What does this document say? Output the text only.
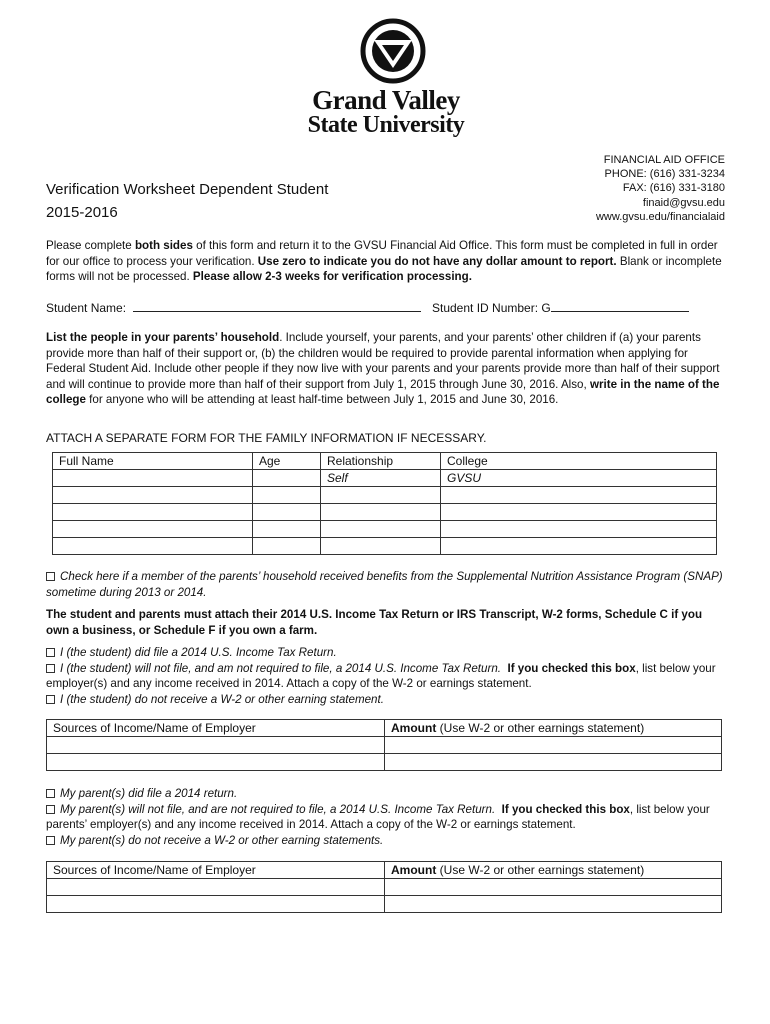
Grand Valley
State University
FINANCIAL AID OFFICE
PHONE: (616) 331-3234
FAX: (616) 331-3180
finaid@gvsu.edu
www.gvsu.edu/financialaid
Verification Worksheet Dependent Student
2015-2016
Please complete both sides of this form and return it to the GVSU Financial Aid Office. This form must be completed in full in order for our office to process your verification. Use zero to indicate you do not have any dollar amount to report. Blank or incomplete forms will not be processed. Please allow 2-3 weeks for verification processing.
Student Name:	Student ID Number: G
List the people in your parents’ household. Include yourself, your parents, and your parents’ other children if (a) your parents provide more than half of their support or, (b) the children would be required to provide parental information when applying for Federal Student Aid. Include other people if they now live with your parents and your parents provide more than half of their support and will continue to provide more than half of their support from July 1, 2015 through June 30, 2016. Also, write in the name of the college for anyone who will be attending at least half-time between July 1, 2015 and June 30, 2016.
ATTACH A SEPARATE FORM FOR THE FAMILY INFORMATION IF NECESSARY.
Full Name	Age	Relationship	College
		Self	GVSU

Check here if a member of the parents’ household received benefits from the Supplemental Nutrition Assistance Program (SNAP) sometime during 2013 or 2014.
The student and parents must attach their 2014 U.S. Income Tax Return or IRS Transcript, W-2 forms, Schedule C if you own a business, or Schedule F if you own a farm.
I (the student) did file a 2014 U.S. Income Tax Return.
I (the student) will not file, and am not required to file, a 2014 U.S. Income Tax Return. If you checked this box, list below your employer(s) and any income received in 2014. Attach a copy of the W-2 or earnings statement.
I (the student) do not receive a W-2 or other earning statement.
Sources of Income/Name of Employer	Amount (Use W-2 or other earnings statement)

My parent(s) did file a 2014 return.
My parent(s) will not file, and are not required to file, a 2014 U.S. Income Tax Return. If you checked this box, list below your parents’ employer(s) and any income received in 2014. Attach a copy of the W-2 or earnings statement.
My parent(s) do not receive a W-2 or other earning statements.
Sources of Income/Name of Employer	Amount (Use W-2 or other earnings statement)
